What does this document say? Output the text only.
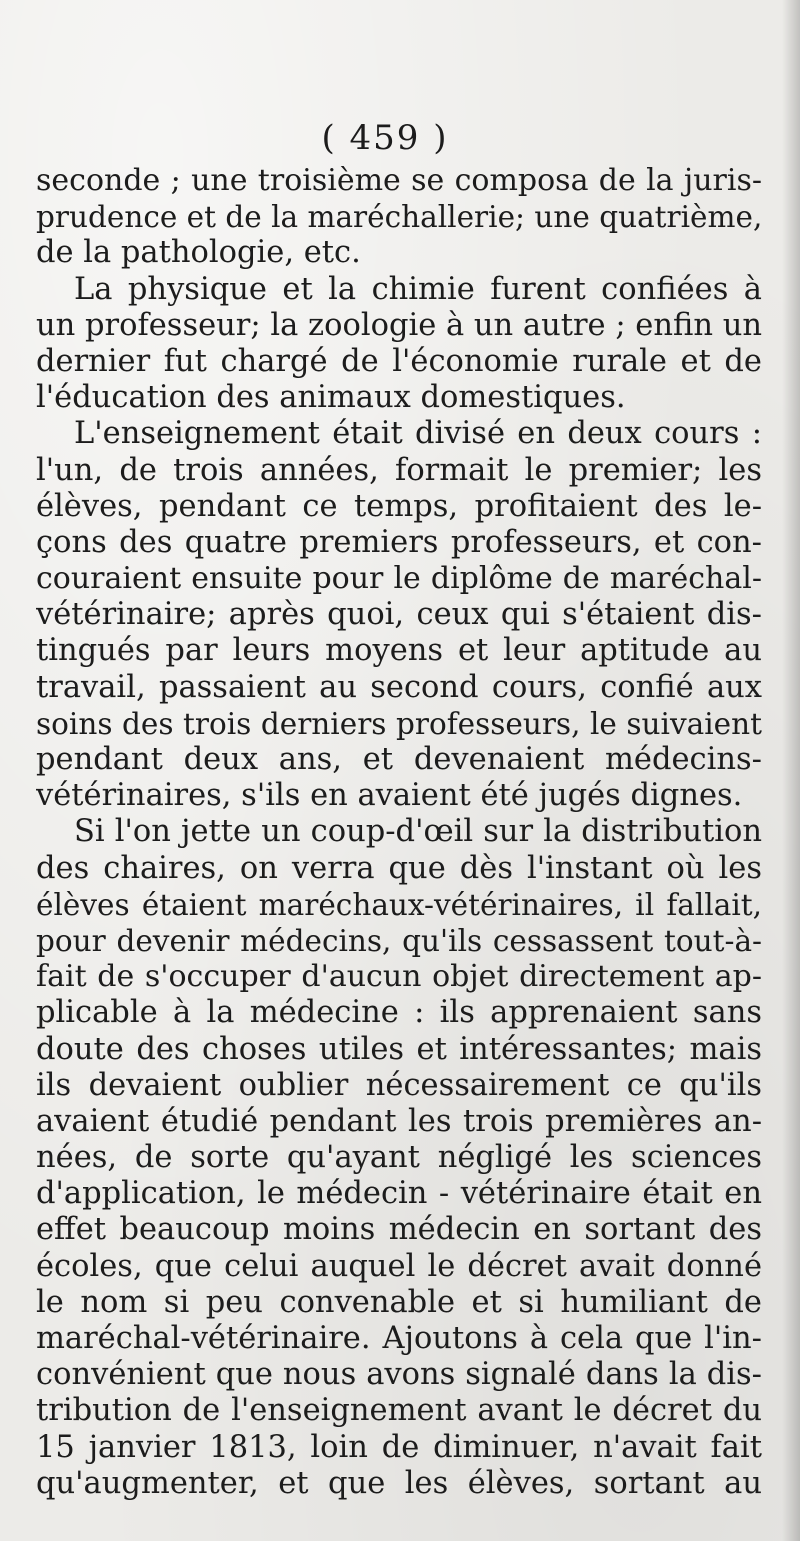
( 459 )
seconde ; une troisième se composa de la juris-
prudence et de la maréchallerie; une quatrième,
de la pathologie, etc.
La physique et la chimie furent confiées à
un professeur; la zoologie à un autre ; enfin un
dernier fut chargé de l'économie rurale et de
l'éducation des animaux domestiques.
L'enseignement était divisé en deux cours :
l'un, de trois années, formait le premier; les
élèves, pendant ce temps, profitaient des le-
çons des quatre premiers professeurs, et con-
couraient ensuite pour le diplôme de maréchal-
vétérinaire; après quoi, ceux qui s'étaient dis-
tingués par leurs moyens et leur aptitude au
travail, passaient au second cours, confié aux
soins des trois derniers professeurs, le suivaient
pendant deux ans, et devenaient médecins-
vétérinaires, s'ils en avaient été jugés dignes.
Si l'on jette un coup-d'œil sur la distribution
des chaires, on verra que dès l'instant où les
élèves étaient maréchaux-vétérinaires, il fallait,
pour devenir médecins, qu'ils cessassent tout-à-
fait de s'occuper d'aucun objet directement ap-
plicable à la médecine : ils apprenaient sans
doute des choses utiles et intéressantes; mais
ils devaient oublier nécessairement ce qu'ils
avaient étudié pendant les trois premières an-
nées, de sorte qu'ayant négligé les sciences
d'application, le médecin - vétérinaire était en
effet beaucoup moins médecin en sortant des
écoles, que celui auquel le décret avait donné
le nom si peu convenable et si humiliant de
maréchal-vétérinaire. Ajoutons à cela que l'in-
convénient que nous avons signalé dans la dis-
tribution de l'enseignement avant le décret du
15 janvier 1813, loin de diminuer, n'avait fait
qu'augmenter, et que les élèves, sortant au
